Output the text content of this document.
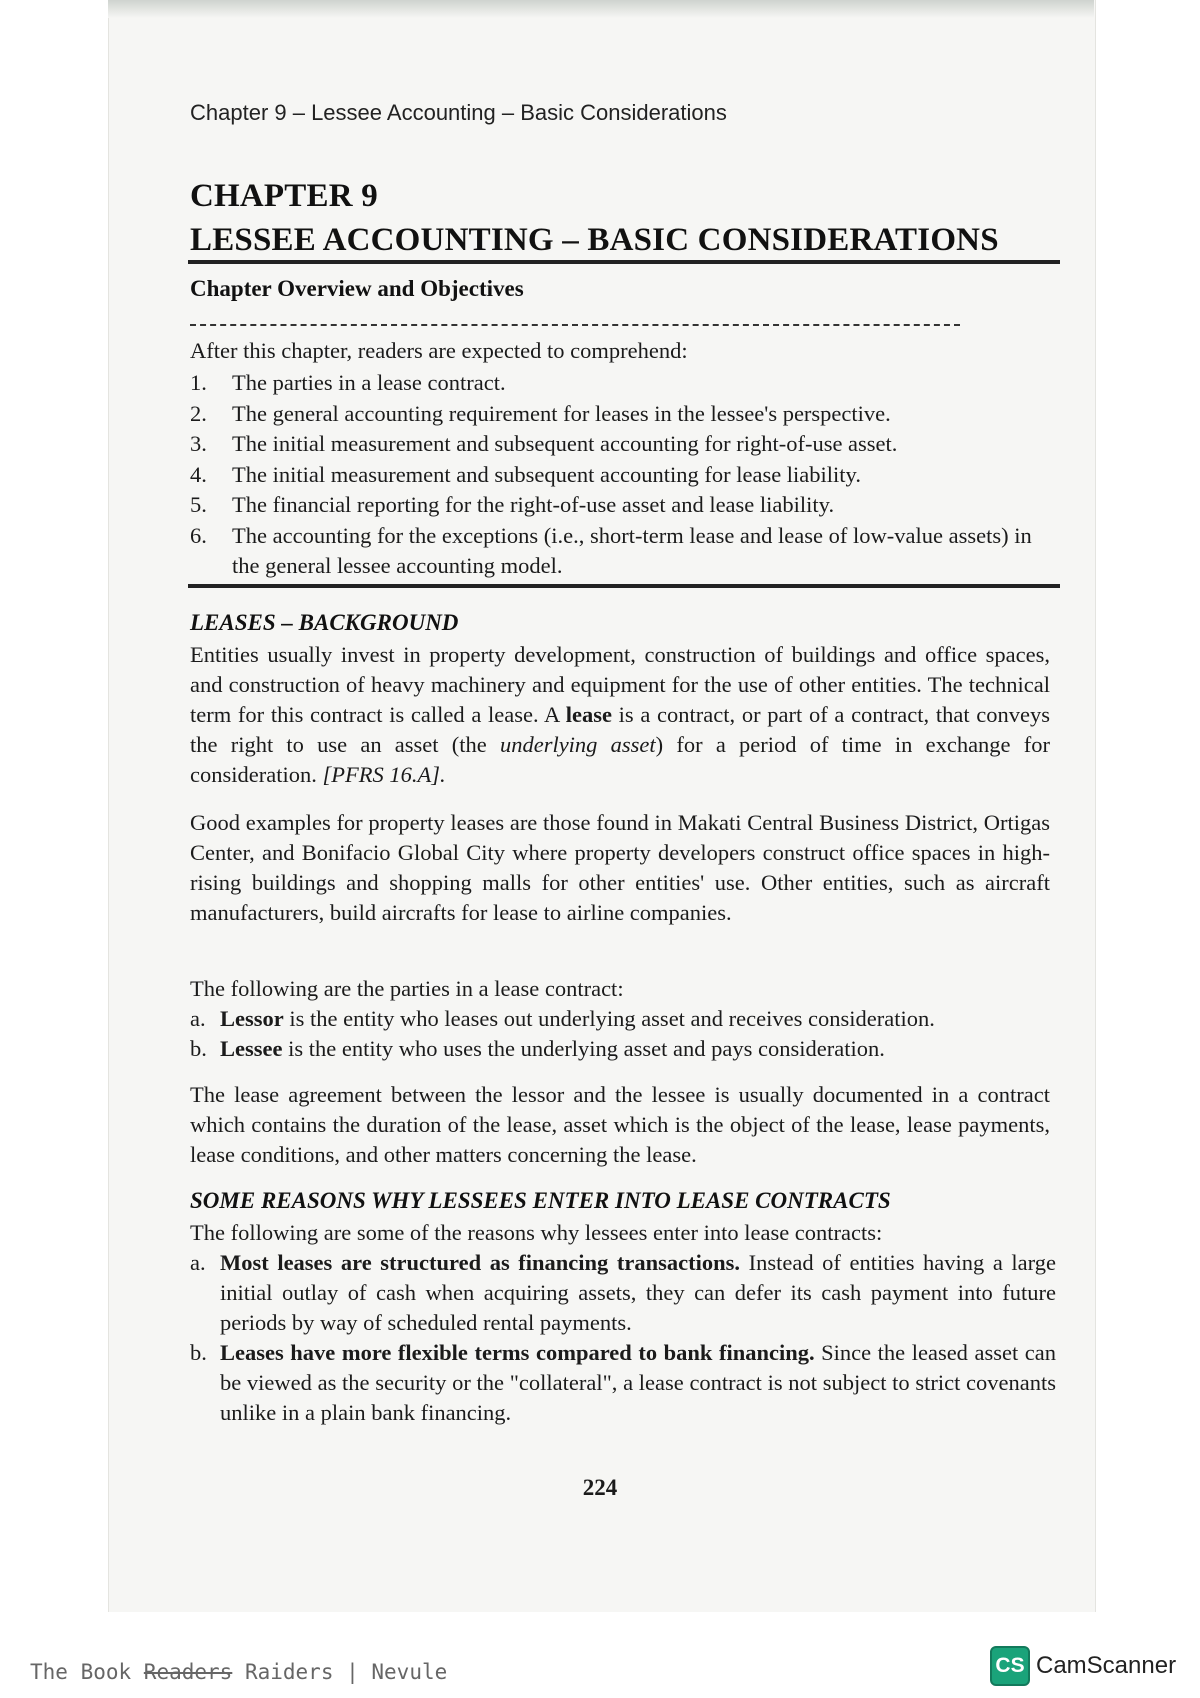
Chapter 9 – Lessee Accounting – Basic Considerations
CHAPTER 9
LESSEE ACCOUNTING – BASIC CONSIDERATIONS
Chapter Overview and Objectives
After this chapter, readers are expected to comprehend:
1. The parties in a lease contract.
2. The general accounting requirement for leases in the lessee's perspective.
3. The initial measurement and subsequent accounting for right-of-use asset.
4. The initial measurement and subsequent accounting for lease liability.
5. The financial reporting for the right-of-use asset and lease liability.
6. The accounting for the exceptions (i.e., short-term lease and lease of low-value assets) in the general lessee accounting model.
LEASES – BACKGROUND

Entities usually invest in property development, construction of buildings and office spaces, and construction of heavy machinery and equipment for the use of other entities. The technical term for this contract is called a lease. A lease is a contract, or part of a contract, that conveys the right to use an asset (the underlying asset) for a period of time in exchange for consideration. [PFRS 16.A].

Good examples for property leases are those found in Makati Central Business District, Ortigas Center, and Bonifacio Global City where property developers construct office spaces in high-rising buildings and shopping malls for other entities' use. Other entities, such as aircraft manufacturers, build aircrafts for lease to airline companies.

The following are the parties in a lease contract:

a. Lessor is the entity who leases out underlying asset and receives consideration.
b. Lessee is the entity who uses the underlying asset and pays consideration.

The lease agreement between the lessor and the lessee is usually documented in a contract which contains the duration of the lease, asset which is the object of the lease, lease payments, lease conditions, and other matters concerning the lease.

SOME REASONS WHY LESSEES ENTER INTO LEASE CONTRACTS

The following are some of the reasons why lessees enter into lease contracts:

a. Most leases are structured as financing transactions. Instead of entities having a large initial outlay of cash when acquiring assets, they can defer its cash payment into future periods by way of scheduled rental payments.
b. Leases have more flexible terms compared to bank financing. Since the leased asset can be viewed as the security or the "collateral", a lease contract is not subject to strict covenants unlike in a plain bank financing.
224
The Book Readers Raiders | Nevule	CS CamScanner
